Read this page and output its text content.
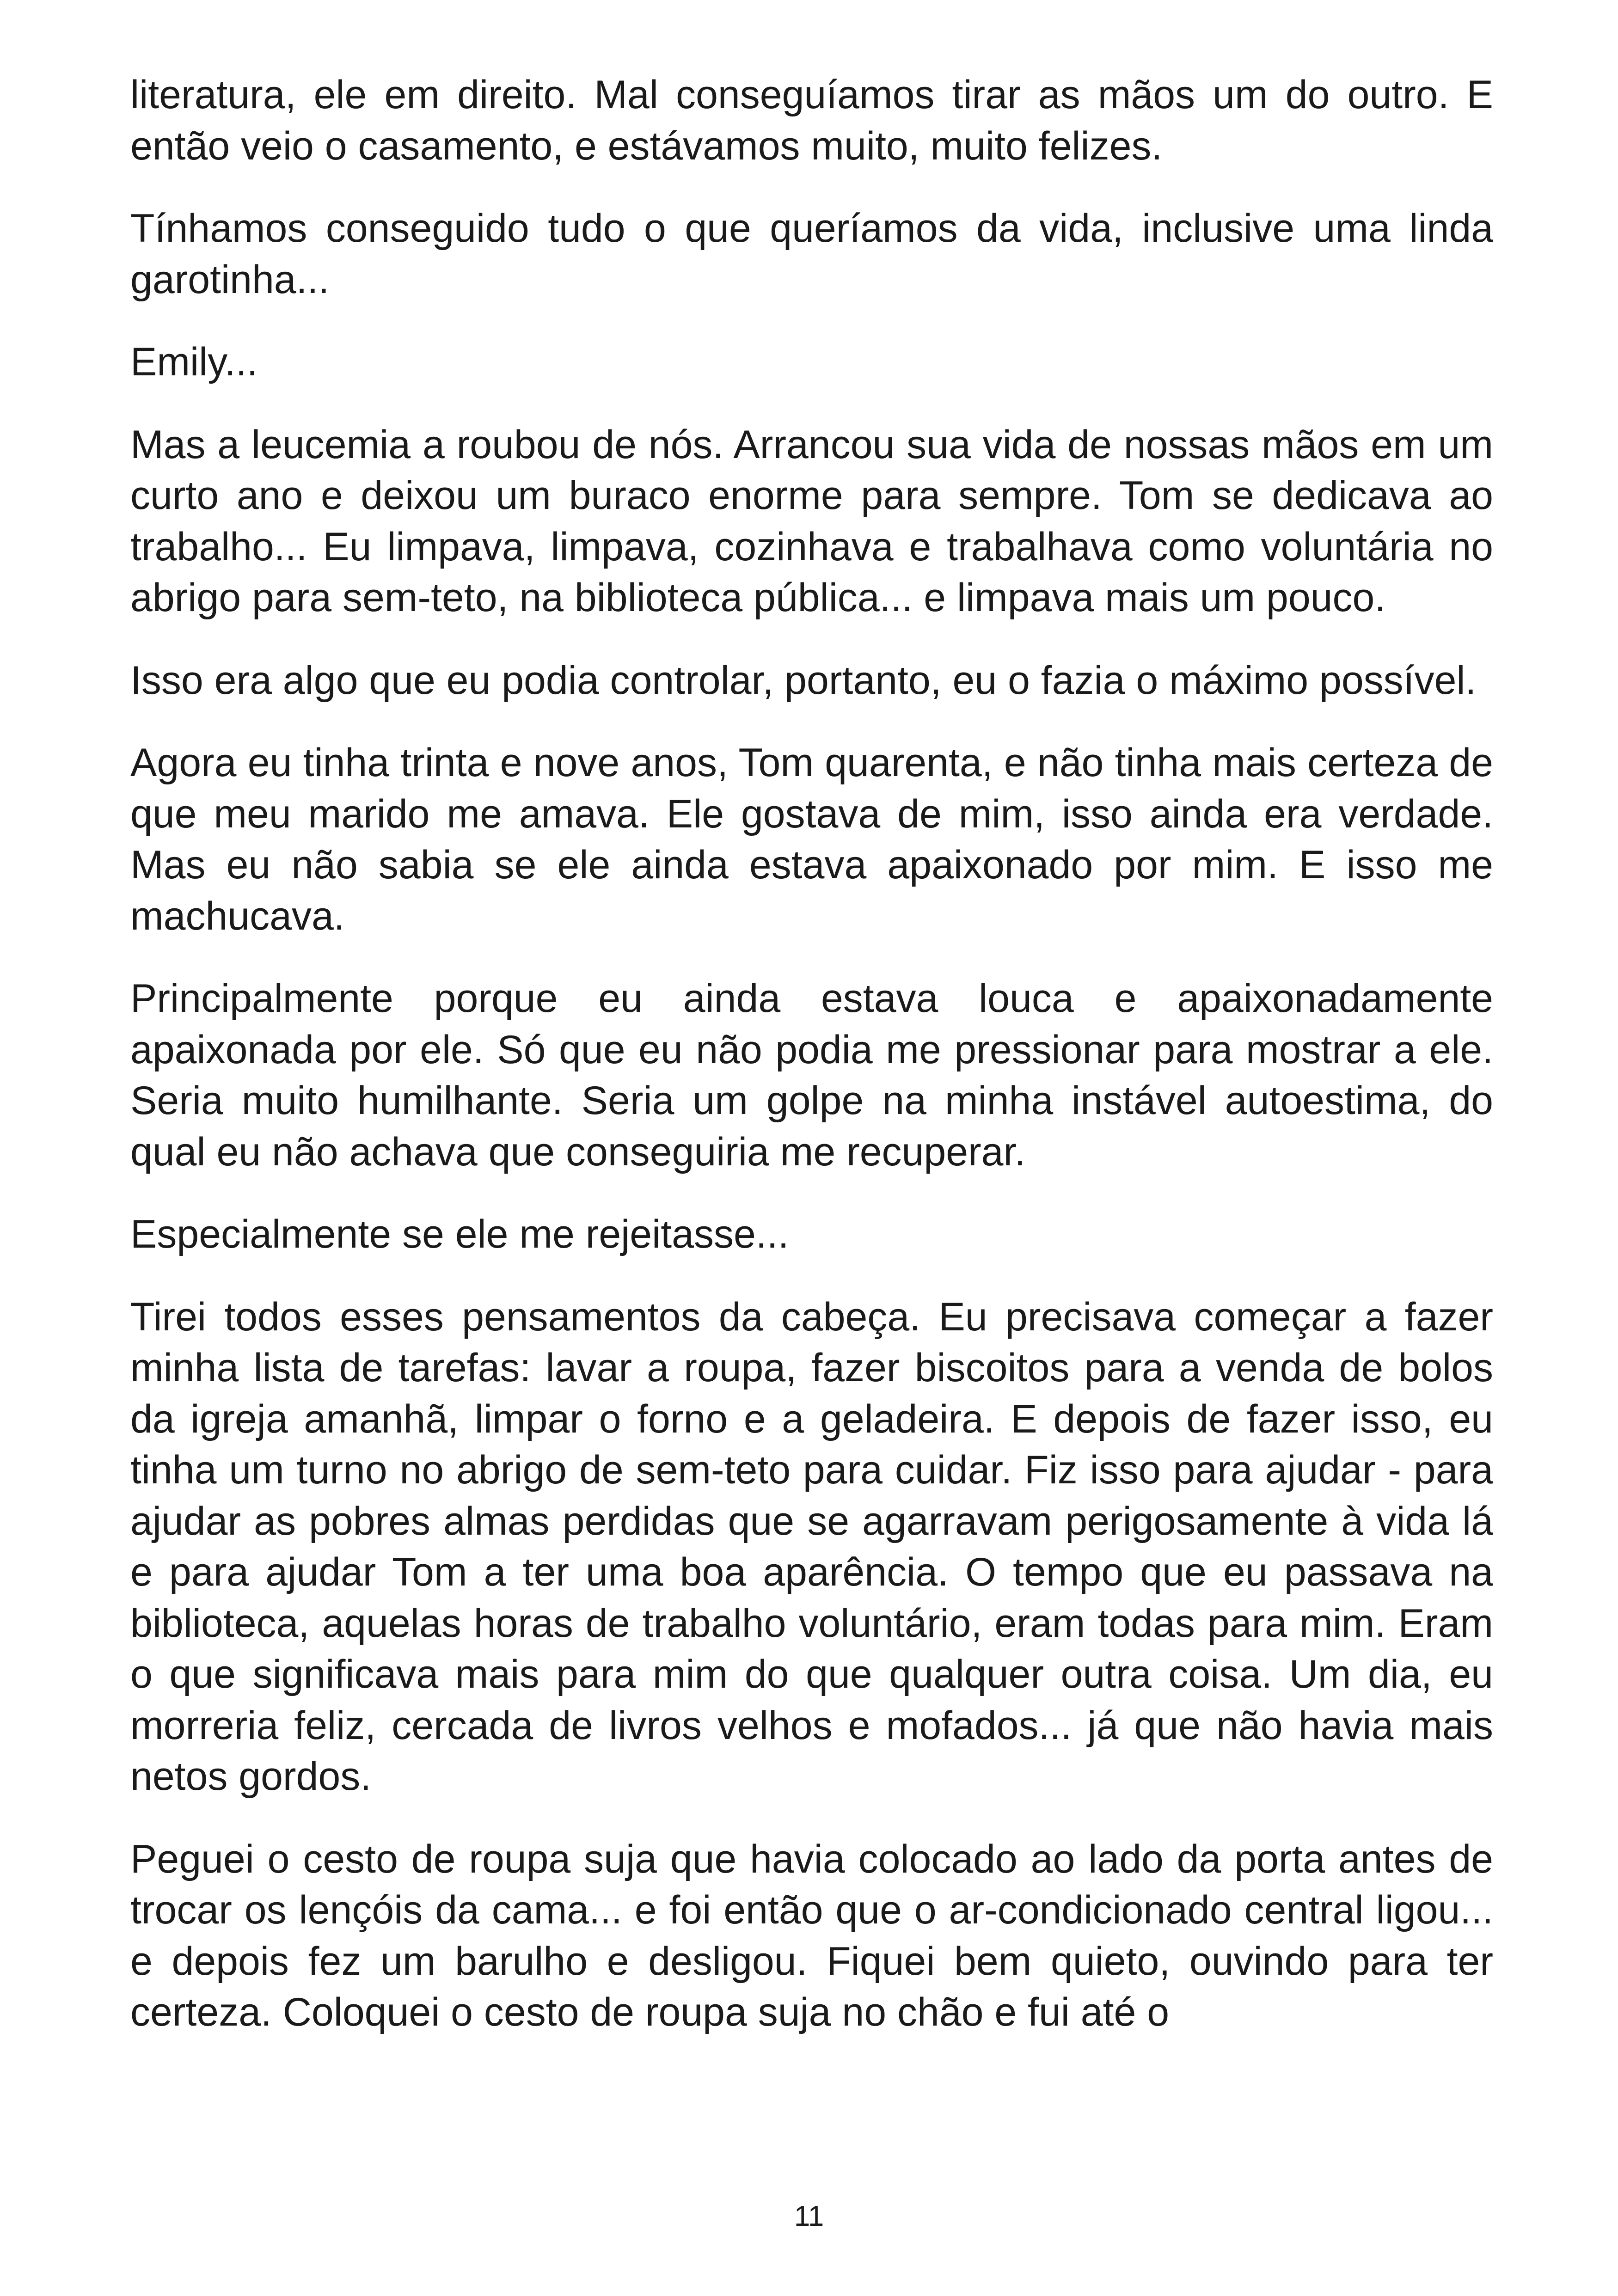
literatura, ele em direito. Mal conseguíamos tirar as mãos um do outro. E então veio o casamento, e estávamos muito, muito felizes.

Tínhamos conseguido tudo o que queríamos da vida, inclusive uma linda garotinha...

Emily...

Mas a leucemia a roubou de nós. Arrancou sua vida de nossas mãos em um curto ano e deixou um buraco enorme para sempre. Tom se dedicava ao trabalho... Eu limpava, limpava, cozinhava e trabalhava como voluntária no abrigo para sem-teto, na biblioteca pública... e limpava mais um pouco.

Isso era algo que eu podia controlar, portanto, eu o fazia o máximo possível.

Agora eu tinha trinta e nove anos, Tom quarenta, e não tinha mais certeza de que meu marido me amava. Ele gostava de mim, isso ainda era verdade. Mas eu não sabia se ele ainda estava apaixonado por mim. E isso me machucava.

Principalmente porque eu ainda estava louca e apaixonadamente apaixonada por ele. Só que eu não podia me pressionar para mostrar a ele. Seria muito humilhante. Seria um golpe na minha instável autoestima, do qual eu não achava que conseguiria me recuperar.

Especialmente se ele me rejeitasse...

Tirei todos esses pensamentos da cabeça. Eu precisava começar a fazer minha lista de tarefas: lavar a roupa, fazer biscoitos para a venda de bolos da igreja amanhã, limpar o forno e a geladeira. E depois de fazer isso, eu tinha um turno no abrigo de sem-teto para cuidar. Fiz isso para ajudar - para ajudar as pobres almas perdidas que se agarravam perigosamente à vida lá e para ajudar Tom a ter uma boa aparência. O tempo que eu passava na biblioteca, aquelas horas de trabalho voluntário, eram todas para mim. Eram o que significava mais para mim do que qualquer outra coisa. Um dia, eu morreria feliz, cercada de livros velhos e mofados... já que não havia mais netos gordos.

Peguei o cesto de roupa suja que havia colocado ao lado da porta antes de trocar os lençóis da cama... e foi então que o ar-condicionado central ligou... e depois fez um barulho e desligou. Fiquei bem quieto, ouvindo para ter certeza. Coloquei o cesto de roupa suja no chão e fui até o

11
